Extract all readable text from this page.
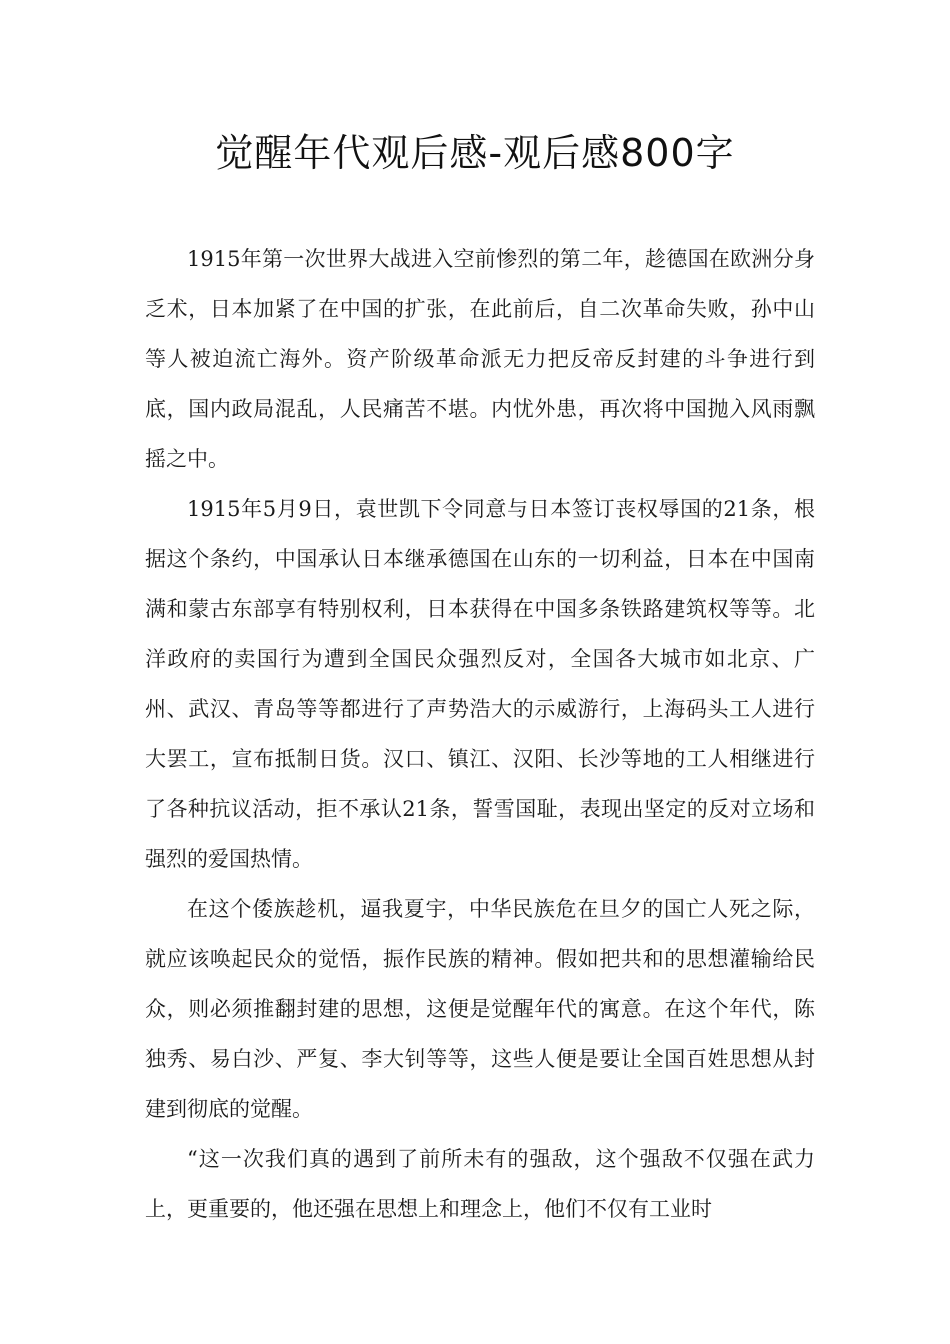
觉醒年代观后感-观后感800字

1915年第一次世界大战进入空前惨烈的第二年，趁德国在欧洲分身乏术，日本加紧了在中国的扩张，在此前后，自二次革命失败，孙中山等人被迫流亡海外。资产阶级革命派无力把反帝反封建的斗争进行到底，国内政局混乱，人民痛苦不堪。内忧外患，再次将中国抛入风雨飘摇之中。

1915年5月9日，袁世凯下令同意与日本签订丧权辱国的21条，根据这个条约，中国承认日本继承德国在山东的一切利益，日本在中国南满和蒙古东部享有特别权利，日本获得在中国多条铁路建筑权等等。北洋政府的卖国行为遭到全国民众强烈反对，全国各大城市如北京、广州、武汉、青岛等等都进行了声势浩大的示威游行，上海码头工人进行大罢工，宣布抵制日货。汉口、镇江、汉阳、长沙等地的工人相继进行了各种抗议活动，拒不承认21条，誓雪国耻，表现出坚定的反对立场和强烈的爱国热情。

在这个倭族趁机，逼我夏宇，中华民族危在旦夕的国亡人死之际，就应该唤起民众的觉悟，振作民族的精神。假如把共和的思想灌输给民众，则必须推翻封建的思想，这便是觉醒年代的寓意。在这个年代，陈独秀、易白沙、严复、李大钊等等，这些人便是要让全国百姓思想从封建到彻底的觉醒。

“这一次我们真的遇到了前所未有的强敌，这个强敌不仅强在武力上，更重要的，他还强在思想上和理念上，他们不仅有工业时
